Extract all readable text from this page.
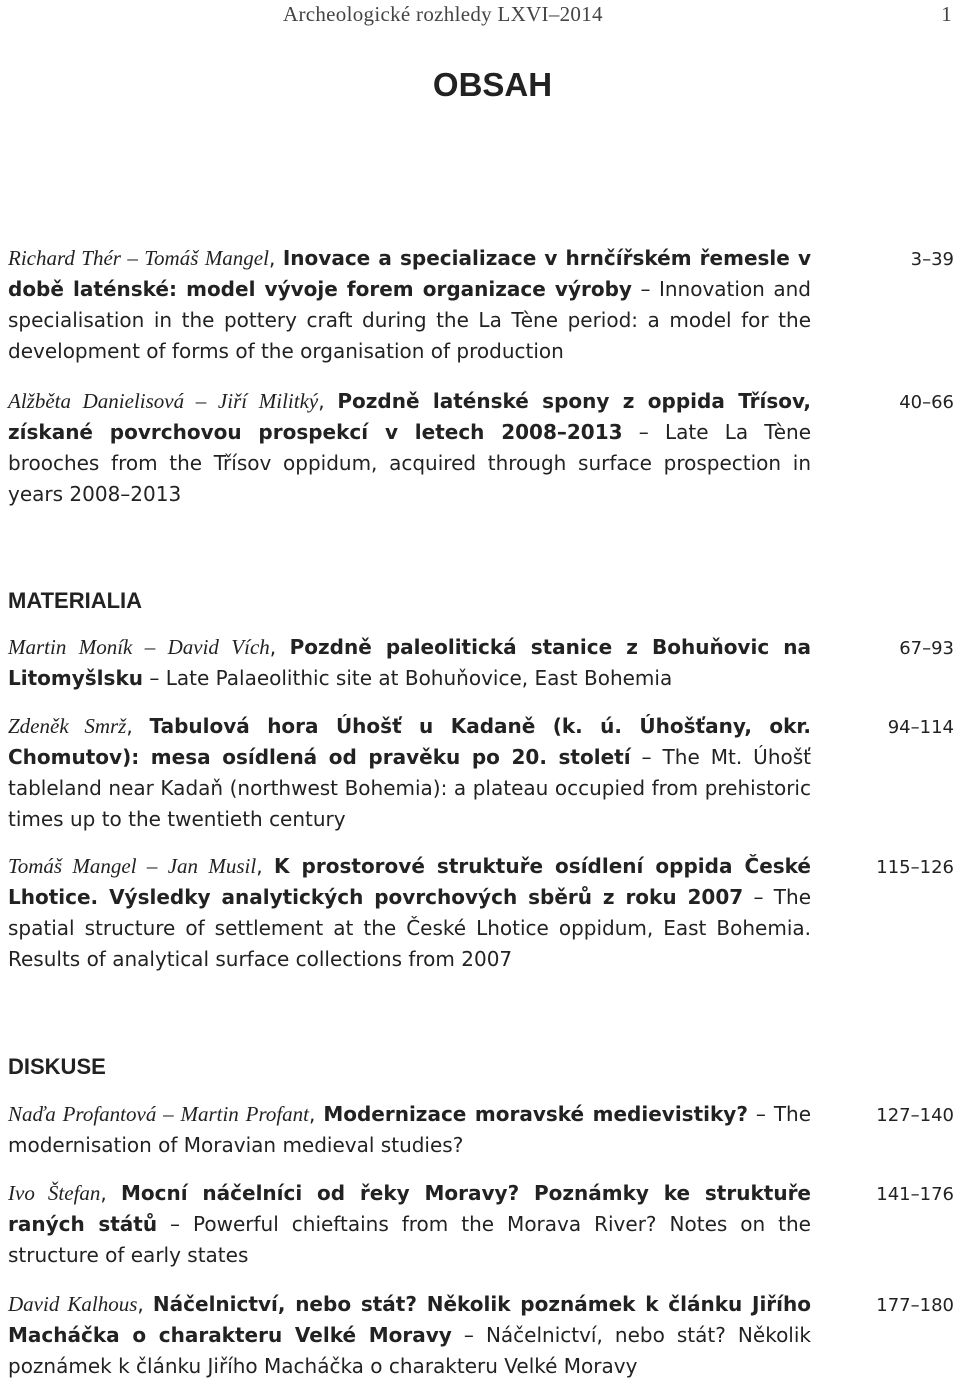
Archeologické rozhledy LXVI–2014	1
OBSAH
Richard Thér – Tomáš Mangel, Inovace a specializace v hrnčířském řemesle v době laténské: model vývoje forem organizace výroby – Innovation and specialisation in the pottery craft during the La Tène period: a model for the development of forms of the organisation of production
3–39
Alžběta Danielisová – Jiří Militký, Pozdně laténské spony z oppida Třísov, získané povrchovou prospekcí v letech 2008–2013 – Late La Tène brooches from the Třísov oppidum, acquired through surface prospection in years 2008–2013
40–66
MATERIALIA
Martin Moník – David Vích, Pozdně paleolitická stanice z Bohuňovic na Litomyšlsku – Late Palaeolithic site at Bohuňovice, East Bohemia
67–93
Zdeněk Smrž, Tabulová hora Úhošť u Kadaně (k. ú. Úhošťany, okr. Chomutov): mesa osídlená od pravěku po 20. století – The Mt. Úhošť tableland near Kadaň (northwest Bohemia): a plateau occupied from prehistoric times up to the twentieth century
94–114
Tomáš Mangel – Jan Musil, K prostorové struktuře osídlení oppida České Lhotice. Výsledky analytických povrchových sběrů z roku 2007 – The spatial structure of settlement at the České Lhotice oppidum, East Bohemia. Results of analytical surface collections from 2007
115–126
DISKUSE
Naďa Profantová – Martin Profant, Modernizace moravské medievistiky? – The modernisation of Moravian medieval studies?
127–140
Ivo Štefan, Mocní náčelníci od řeky Moravy? Poznámky ke struktuře raných států – Powerful chieftains from the Morava River? Notes on the structure of early states
141–176
David Kalhous, Náčelnictví, nebo stát? Několik poznámek k článku Jiřího Macháčka o charakteru Velké Moravy – Náčelnictví, nebo stát? Několik poznámek k článku Jiřího Macháčka o charakteru Velké Moravy
177–180
